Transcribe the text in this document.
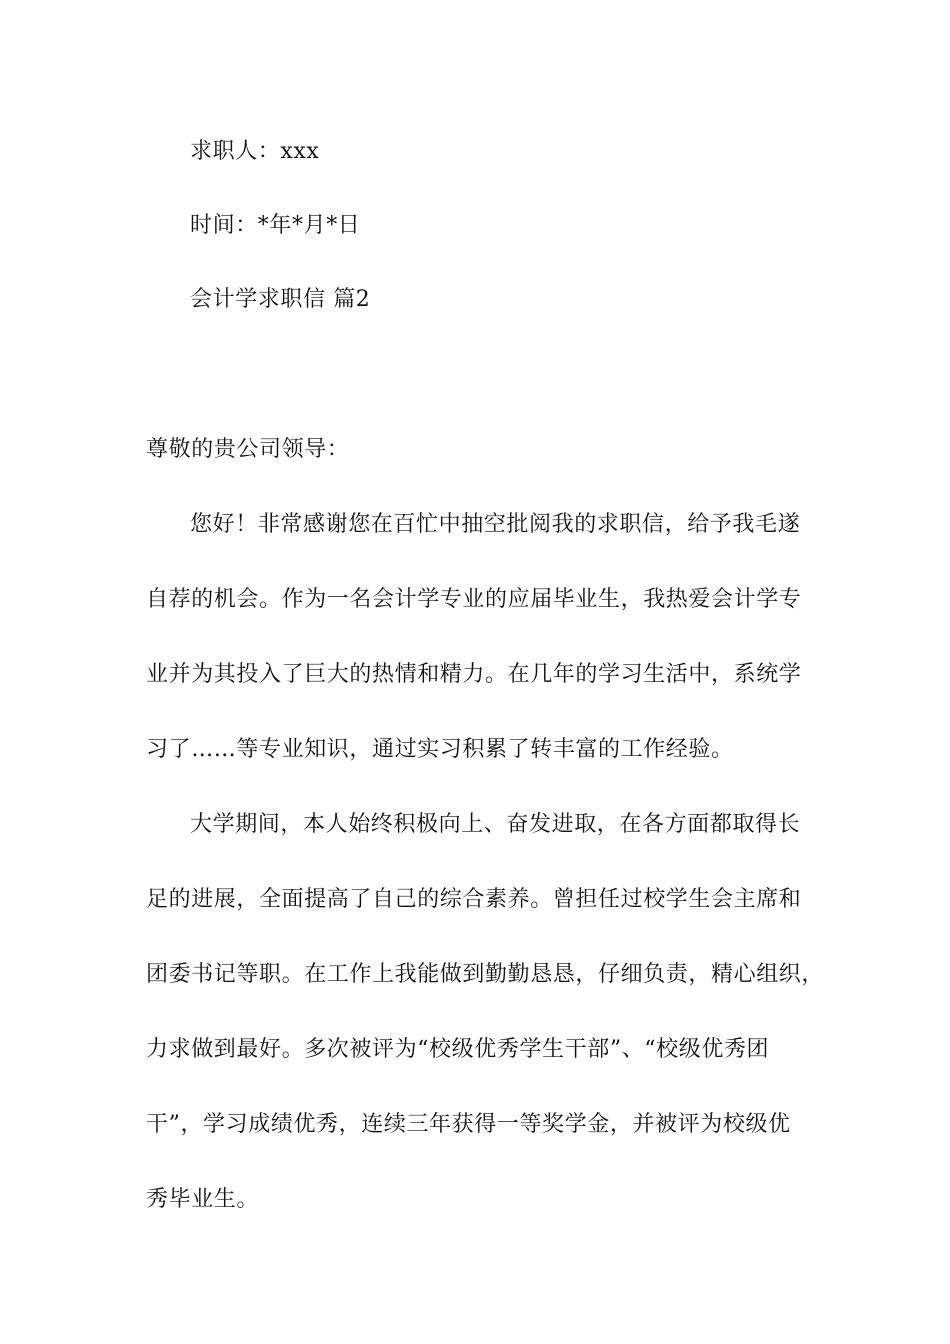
求职人：xxx
时间：*年*月*日
会计学求职信 篇2
尊敬的贵公司领导：
您好！非常感谢您在百忙中抽空批阅我的求职信，给予我毛遂
自荐的机会。作为一名会计学专业的应届毕业生，我热爱会计学专
业并为其投入了巨大的热情和精力。在几年的学习生活中，系统学
习了……等专业知识，通过实习积累了转丰富的工作经验。
大学期间，本人始终积极向上、奋发进取，在各方面都取得长
足的进展，全面提高了自己的综合素养。曾担任过校学生会主席和
团委书记等职。在工作上我能做到勤勤恳恳，仔细负责，精心组织，
力求做到最好。多次被评为“校级优秀学生干部”、“校级优秀团
干”，学习成绩优秀，连续三年获得一等奖学金，并被评为校级优
秀毕业生。
